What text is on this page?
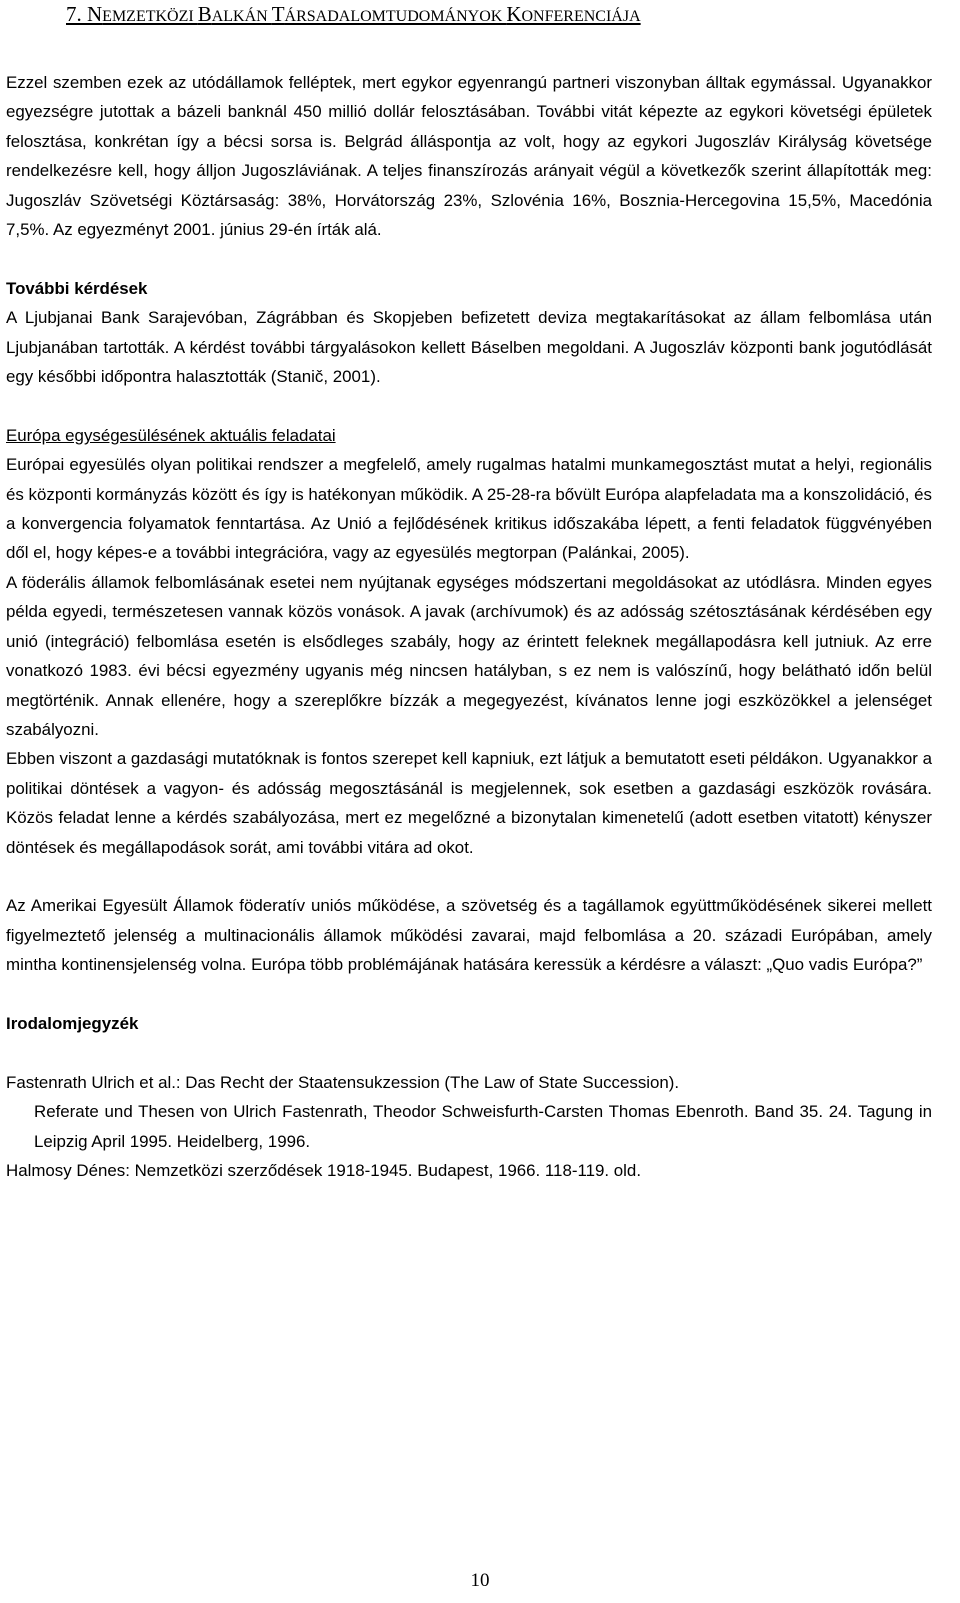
7. NEMZETKÖZI BALKÁN TÁRSADALOMTUDOMÁNYOK KONFERENCIÁJA

Ezzel szemben ezek az utódállamok felléptek, mert egykor egyenrangú partneri viszonyban álltak egymással. Ugyanakkor egyezségre jutottak a bázeli banknál 450 millió dollár felosztásában. További vitát képezte az egykori követségi épületek felosztása, konkrétan így a bécsi sorsa is. Belgrád álláspontja az volt, hogy az egykori Jugoszláv Királyság követsége rendelkezésre kell, hogy álljon Jugoszláviának. A teljes finanszírozás arányait végül a következők szerint állapították meg: Jugoszláv Szövetségi Köztársaság: 38%, Horvátország 23%, Szlovénia 16%, Bosznia-Hercegovina 15,5%, Macedónia 7,5%. Az egyezményt 2001. június 29-én írták alá.

További kérdések

A Ljubjanai Bank Sarajevóban, Zágrábban és Skopjeben befizetett deviza megtakarításokat az állam felbomlása után Ljubjanában tartották. A kérdést további tárgyalásokon kellett Báselben megoldani. A Jugoszláv központi bank jogutódlását egy későbbi időpontra halasztották (Stanič, 2001).

Európa egységesülésének aktuális feladatai

Európai egyesülés olyan politikai rendszer a megfelelő, amely rugalmas hatalmi munkamegosztást mutat a helyi, regionális és központi kormányzás között és így is hatékonyan működik. A 25-28-ra bővült Európa alapfeladata ma a konszolidáció, és a konvergencia folyamatok fenntartása. Az Unió a fejlődésének kritikus időszakába lépett, a fenti feladatok függvényében dől el, hogy képes-e a további integrációra, vagy az egyesülés megtorpan (Palánkai, 2005).

A föderális államok felbomlásának esetei nem nyújtanak egységes módszertani megoldásokat az utódlásra. Minden egyes példa egyedi, természetesen vannak közös vonások. A javak (archívumok) és az adósság szétosztásának kérdésében egy unió (integráció) felbomlása esetén is elsődleges szabály, hogy az érintett feleknek megállapodásra kell jutniuk. Az erre vonatkozó 1983. évi bécsi egyezmény ugyanis még nincsen hatályban, s ez nem is valószínű, hogy belátható időn belül megtörténik. Annak ellenére, hogy a szereplőkre bízzák a megegyezést, kívánatos lenne jogi eszközökkel a jelenséget szabályozni.

Ebben viszont a gazdasági mutatóknak is fontos szerepet kell kapniuk, ezt látjuk a bemutatott eseti példákon. Ugyanakkor a politikai döntések a vagyon- és adósság megosztásánál is megjelennek, sok esetben a gazdasági eszközök rovására. Közös feladat lenne a kérdés szabályozása, mert ez megelőzné a bizonytalan kimenetelű (adott esetben vitatott) kényszer döntések és megállapodások sorát, ami további vitára ad okot.

Az Amerikai Egyesült Államok föderatív uniós működése, a szövetség és a tagállamok együttműködésének sikerei mellett figyelmeztető jelenség a multinacionális államok működési zavarai, majd felbomlása a 20. századi Európában, amely mintha kontinensjelenség volna. Európa több problémájának hatására keressük a kérdésre a választ: „Quo vadis Európa?”

Irodalomjegyzék

Fastenrath Ulrich et al.: Das Recht der Staatensukzession (The Law of State Succession).

Referate und Thesen von Ulrich Fastenrath, Theodor Schweisfurth-Carsten Thomas Ebenroth. Band 35. 24. Tagung in Leipzig April 1995. Heidelberg, 1996.

Halmosy Dénes: Nemzetközi szerződések 1918-1945. Budapest, 1966. 118-119. old.

10
